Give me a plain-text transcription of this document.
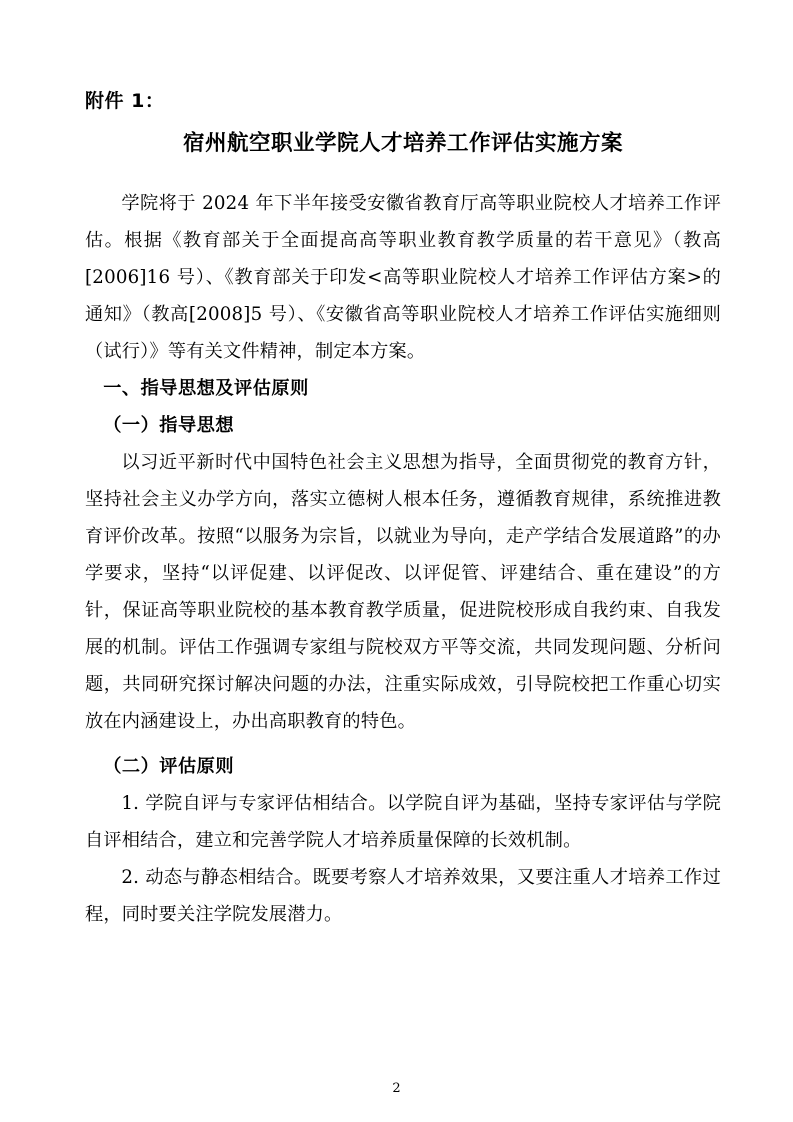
附件 1：
宿州航空职业学院人才培养工作评估实施方案

学院将于 2024 年下半年接受安徽省教育厅高等职业院校人才培养工作评估。根据《教育部关于全面提高高等职业教育教学质量的若干意见》（教高[2006]16 号）、《教育部关于印发<高等职业院校人才培养工作评估方案>的通知》（教高[2008]5 号）、《安徽省高等职业院校人才培养工作评估实施细则（试行）》等有关文件精神，制定本方案。

一、指导思想及评估原则

（一）指导思想

以习近平新时代中国特色社会主义思想为指导，全面贯彻党的教育方针，坚持社会主义办学方向，落实立德树人根本任务，遵循教育规律，系统推进教育评价改革。按照“以服务为宗旨，以就业为导向，走产学结合发展道路”的办学要求，坚持“以评促建、以评促改、以评促管、评建结合、重在建设”的方针，保证高等职业院校的基本教育教学质量，促进院校形成自我约束、自我发展的机制。评估工作强调专家组与院校双方平等交流，共同发现问题、分析问题，共同研究探讨解决问题的办法，注重实际成效，引导院校把工作重心切实放在内涵建设上，办出高职教育的特色。

（二）评估原则

1. 学院自评与专家评估相结合。以学院自评为基础，坚持专家评估与学院自评相结合，建立和完善学院人才培养质量保障的长效机制。

2. 动态与静态相结合。既要考察人才培养效果，又要注重人才培养工作过程，同时要关注学院发展潜力。

2
